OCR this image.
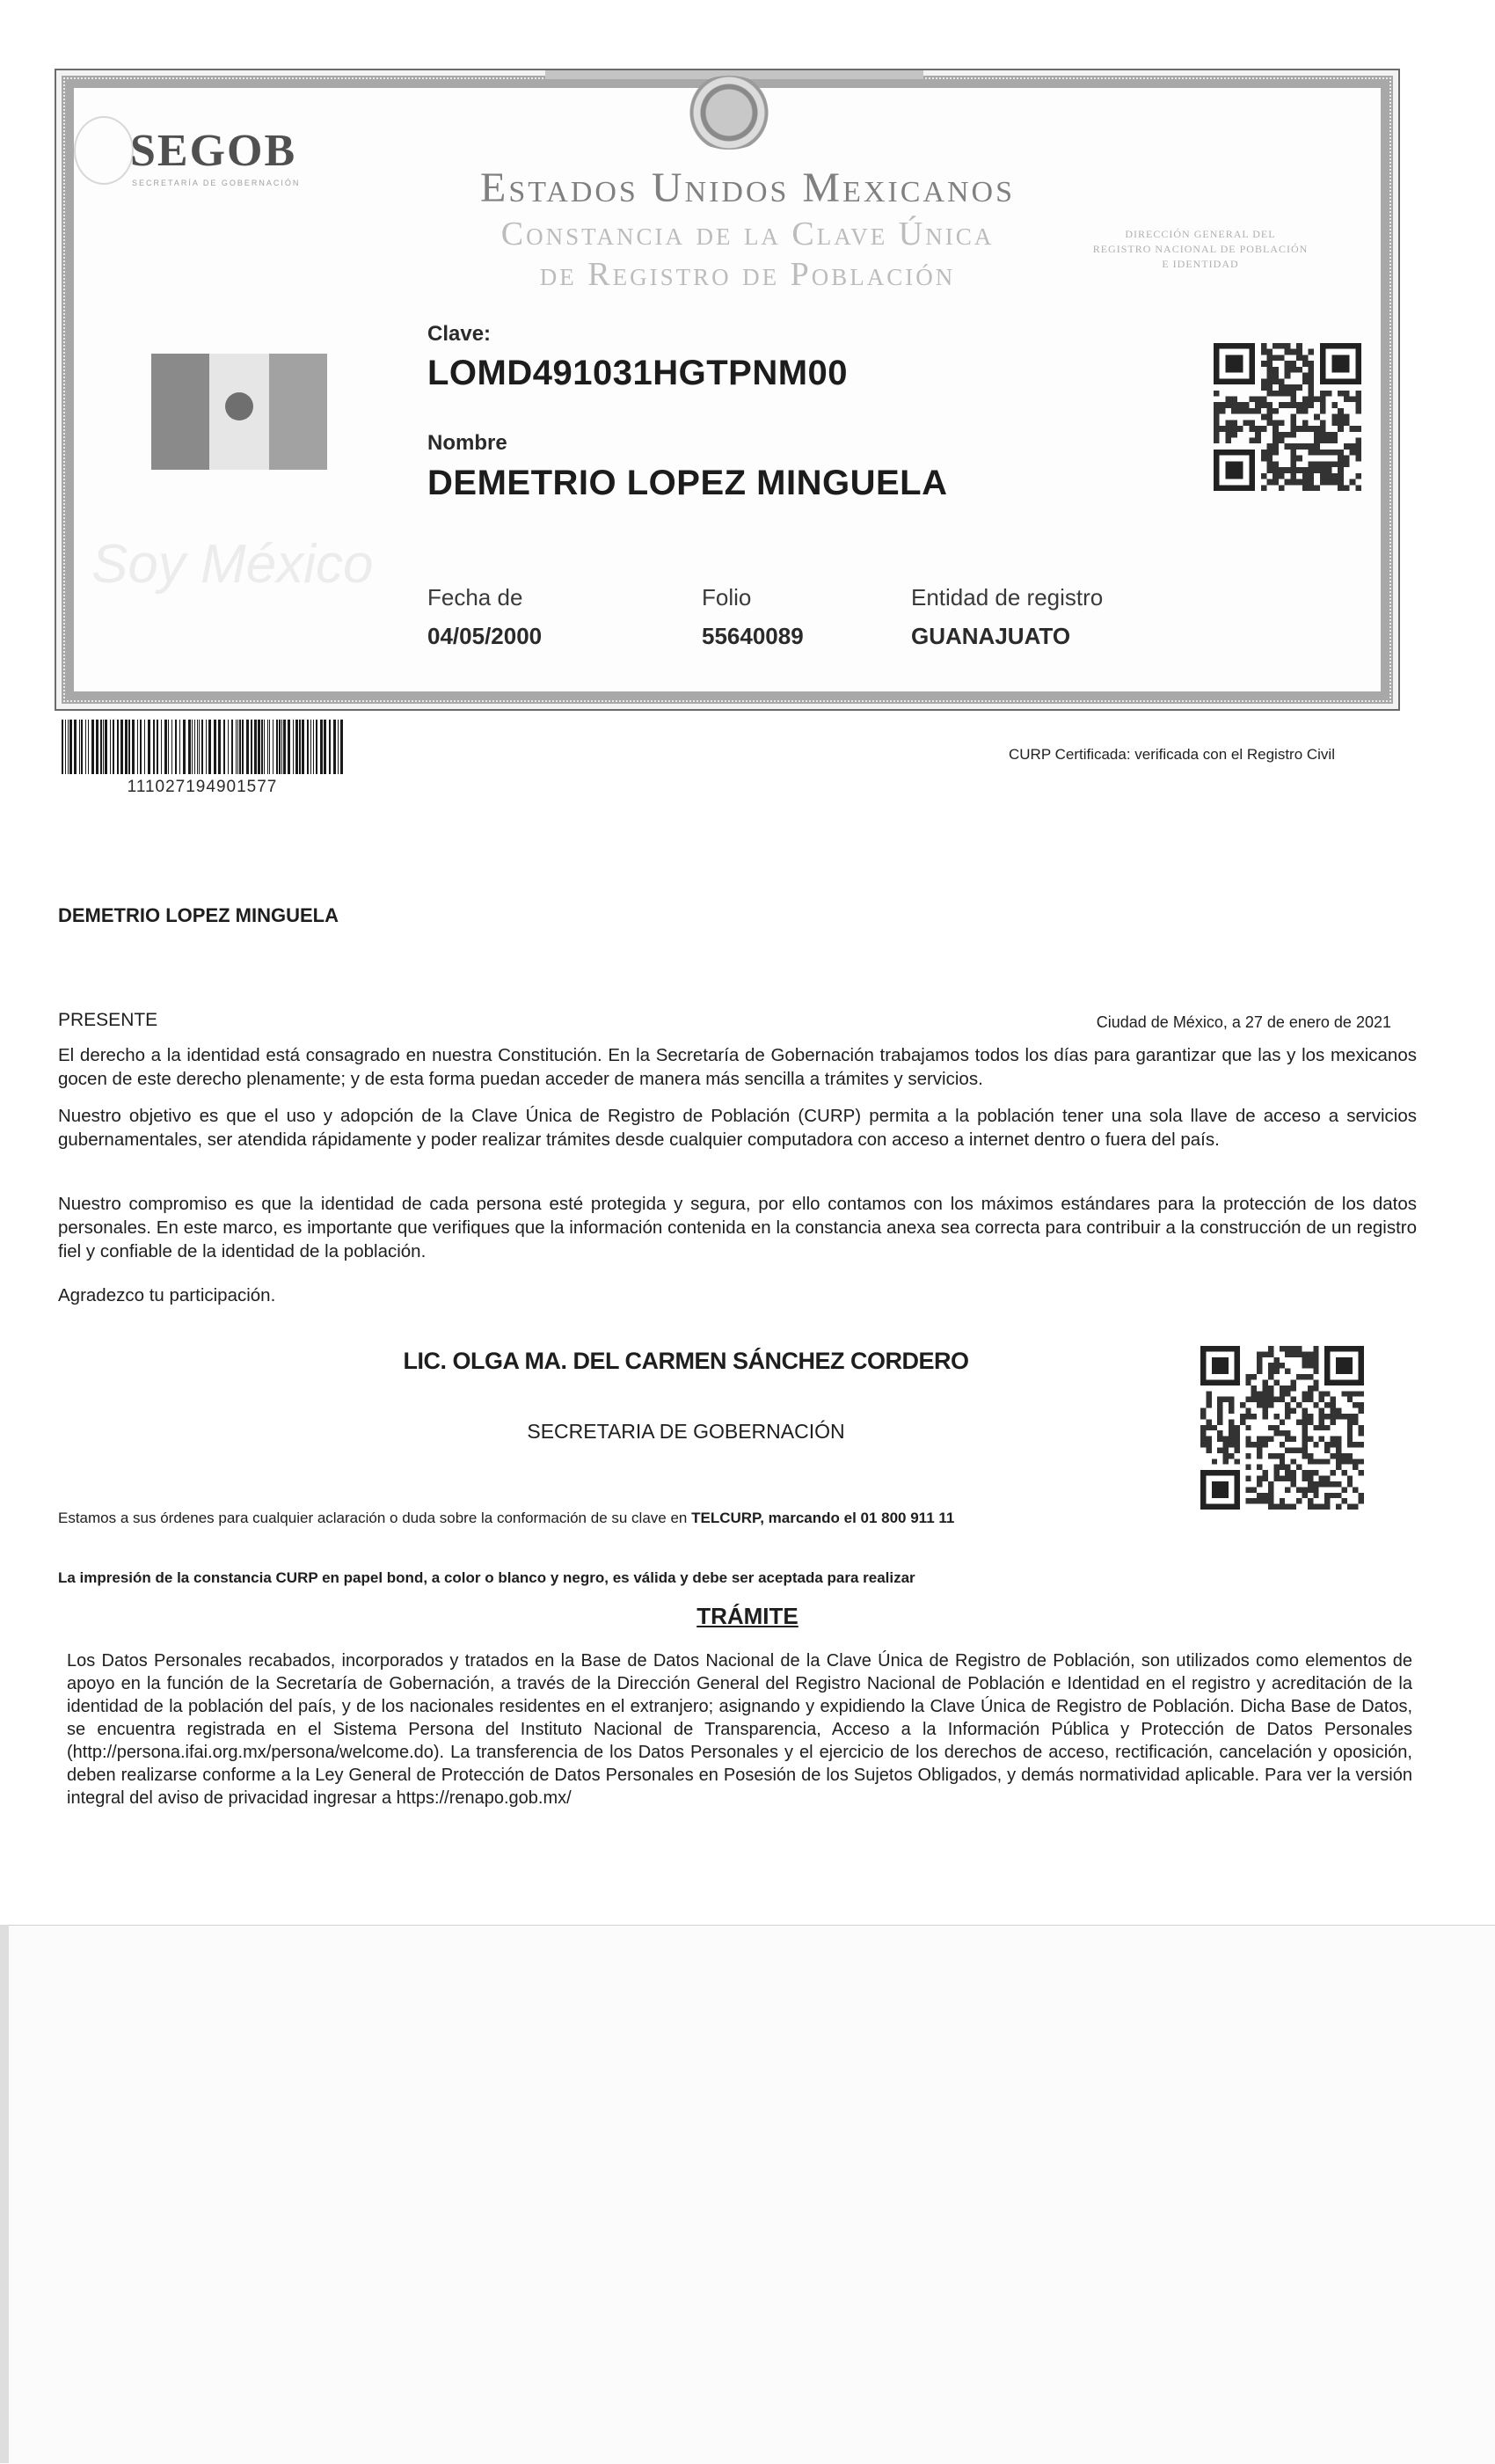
Soy México
SEGOB
SECRETARÍA DE GOBERNACIÓN	Estados Unidos Mexicanos
Constancia de la Clave Única
de Registro de Población
DIRECCIÓN GENERAL DEL
REGISTRO NACIONAL DE POBLACIÓN
E IDENTIDAD
Clave:
LOMD491031HGTPNM00
Nombre
DEMETRIO LOPEZ MINGUELA
Fecha de
04/05/2000
Folio
55640089
Entidad de registro
GUANAJUATO
111027194901577
CURP Certificada: verificada con el Registro Civil
DEMETRIO LOPEZ MINGUELA
PRESENTE	Ciudad de México, a 27 de enero de 2021
El derecho a la identidad está consagrado en nuestra Constitución. En la Secretaría de Gobernación trabajamos todos los días para garantizar que las y los mexicanos gocen de este derecho plenamente; y de esta forma puedan acceder de manera más sencilla a trámites y servicios.
Nuestro objetivo es que el uso y adopción de la Clave Única de Registro de Población (CURP) permita a la población tener una sola llave de acceso a servicios gubernamentales, ser atendida rápidamente y poder realizar trámites desde cualquier computadora con acceso a internet dentro o fuera del país.
Nuestro compromiso es que la identidad de cada persona esté protegida y segura, por ello contamos con los máximos estándares para la protección de los datos personales. En este marco, es importante que verifiques que la información contenida en la constancia anexa sea correcta para contribuir a la construcción de un registro fiel y confiable de la identidad de la población.
Agradezco tu participación.
LIC. OLGA MA. DEL CARMEN SÁNCHEZ CORDERO
SECRETARIA DE GOBERNACIÓN
Estamos a sus órdenes para cualquier aclaración o duda sobre la conformación de su clave en TELCURP, marcando el 01 800 911 11
La impresión de la constancia CURP en papel bond, a color o blanco y negro, es válida y debe ser aceptada para realizar
TRÁMITE
Los Datos Personales recabados, incorporados y tratados en la Base de Datos Nacional de la Clave Única de Registro de Población, son utilizados como elementos de apoyo en la función de la Secretaría de Gobernación, a través de la Dirección General del Registro Nacional de Población e Identidad en el registro y acreditación de la identidad de la población del país, y de los nacionales residentes en el extranjero; asignando y expidiendo la Clave Única de Registro de Población. Dicha Base de Datos, se encuentra registrada en el Sistema Persona del Instituto Nacional de Transparencia, Acceso a la Información Pública y Protección de Datos Personales (http://persona.ifai.org.mx/persona/welcome.do). La transferencia de los Datos Personales y el ejercicio de los derechos de acceso, rectificación, cancelación y oposición, deben realizarse conforme a la Ley General de Protección de Datos Personales en Posesión de los Sujetos Obligados, y demás normatividad aplicable. Para ver la versión integral del aviso de privacidad ingresar a https://renapo.gob.mx/
